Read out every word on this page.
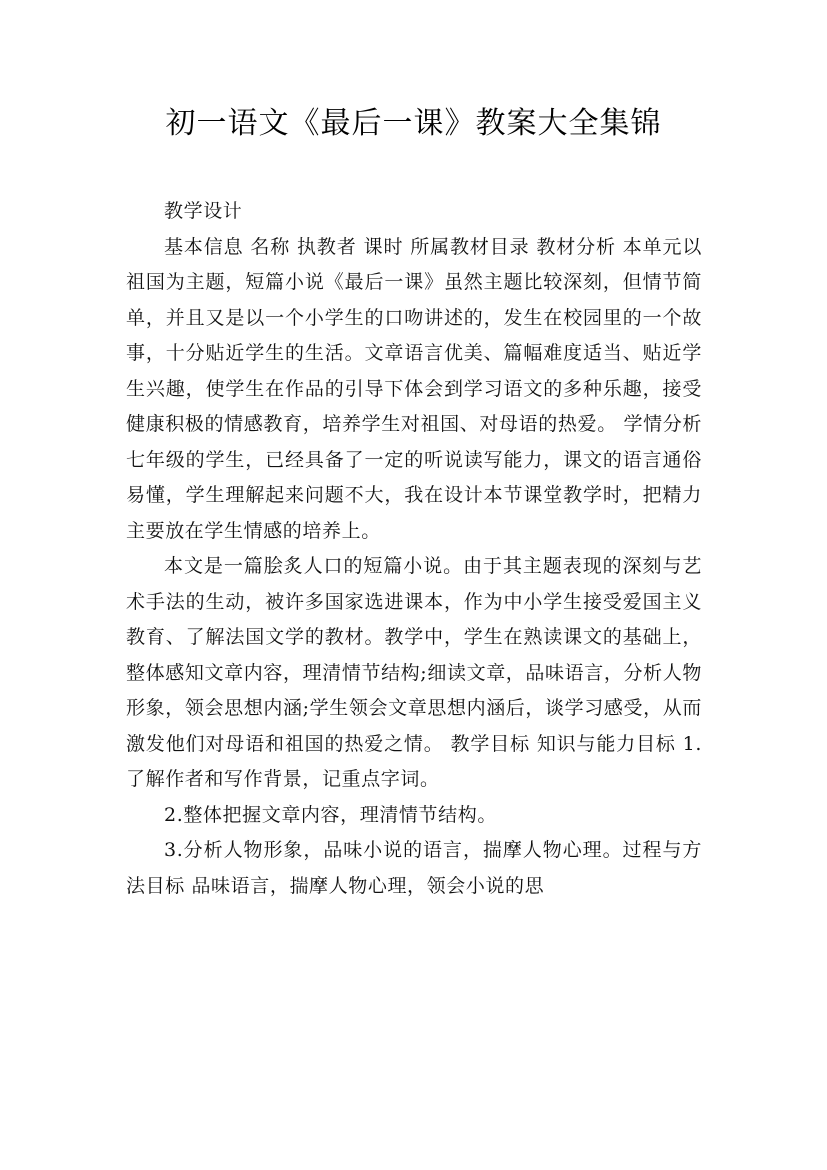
初一语文《最后一课》教案大全集锦

教学设计

基本信息 名称 执教者 课时 所属教材目录 教材分析 本单元以祖国为主题，短篇小说《最后一课》虽然主题比较深刻，但情节简单，并且又是以一个小学生的口吻讲述的，发生在校园里的一个故事，十分贴近学生的生活。文章语言优美、篇幅难度适当、贴近学生兴趣，使学生在作品的引导下体会到学习语文的多种乐趣，接受健康积极的情感教育，培养学生对祖国、对母语的热爱。 学情分析 七年级的学生，已经具备了一定的听说读写能力，课文的语言通俗易懂，学生理解起来问题不大，我在设计本节课堂教学时，把精力主要放在学生情感的培养上。

本文是一篇脍炙人口的短篇小说。由于其主题表现的深刻与艺术手法的生动，被许多国家选进课本，作为中小学生接受爱国主义教育、了解法国文学的教材。教学中，学生在熟读课文的基础上，整体感知文章内容，理清情节结构;细读文章，品味语言，分析人物形象，领会思想内涵;学生领会文章思想内涵后，谈学习感受，从而激发他们对母语和祖国的热爱之情。 教学目标 知识与能力目标 1.了解作者和写作背景，记重点字词。

2.整体把握文章内容，理清情节结构。

3.分析人物形象，品味小说的语言，揣摩人物心理。过程与方法目标 品味语言，揣摩人物心理，领会小说的思
